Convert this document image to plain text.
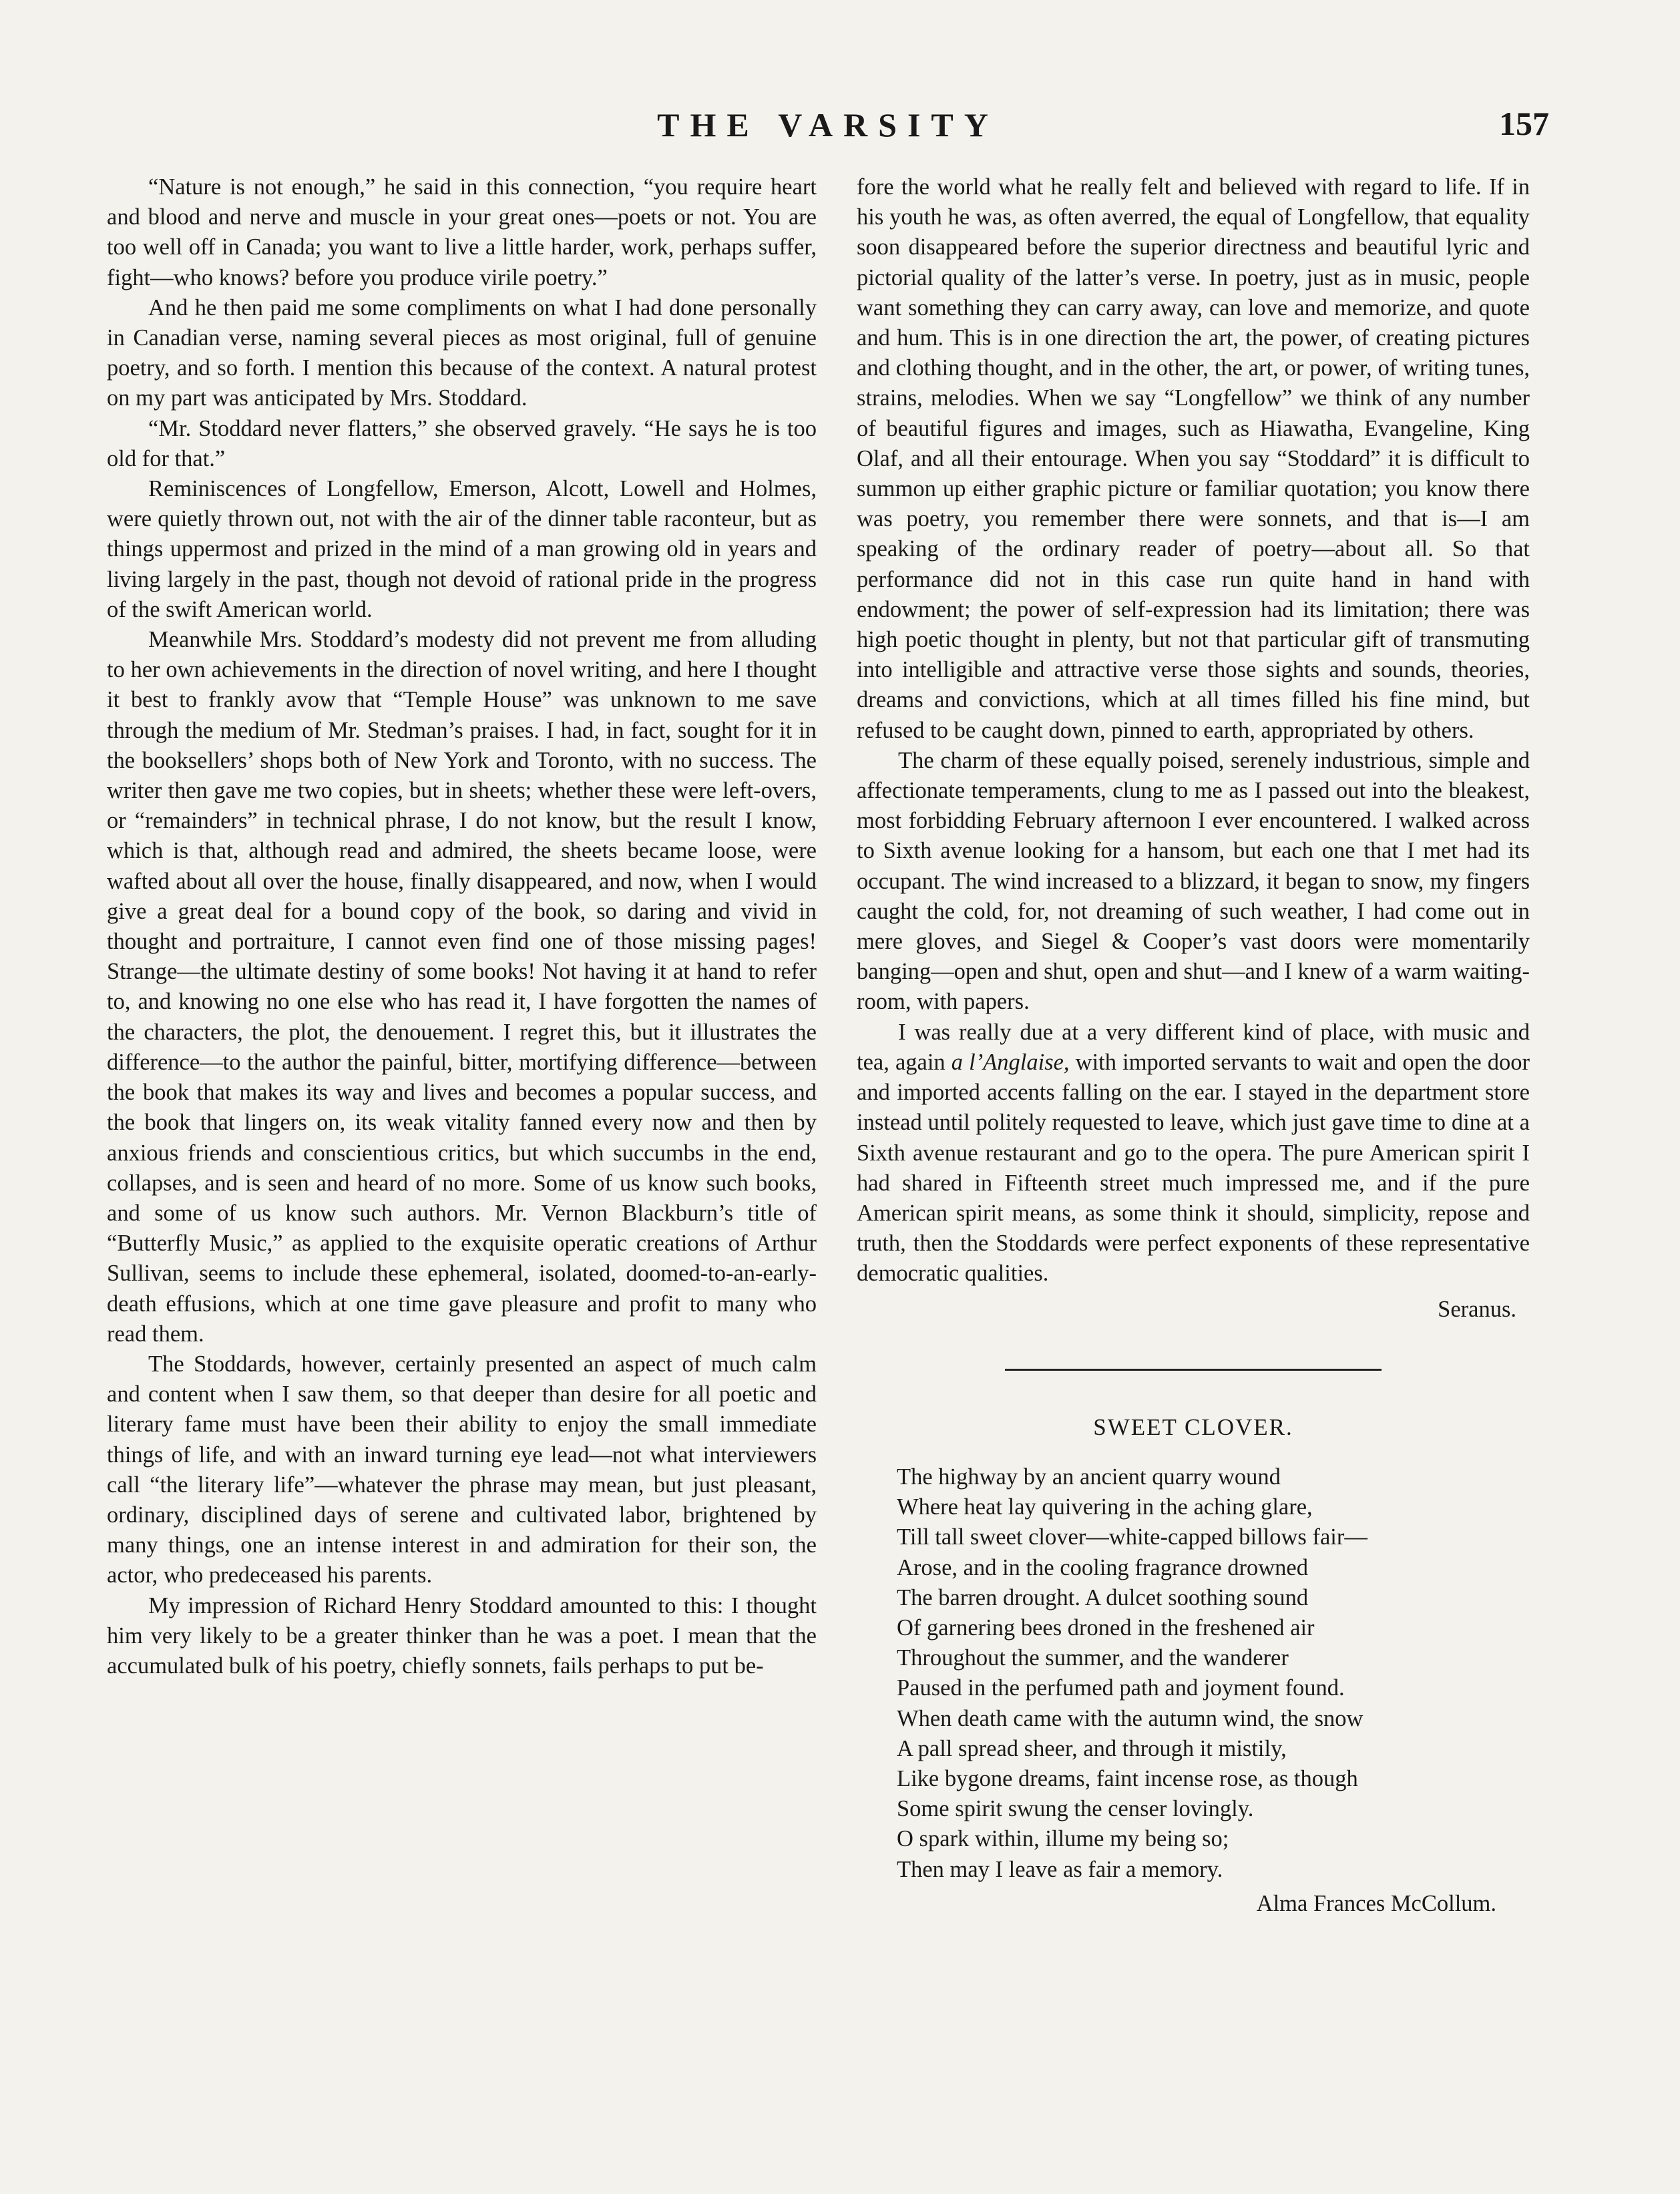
THE VARSITY	157

“Nature is not enough,” he said in this connection, “you require heart and blood and nerve and muscle in your great ones—poets or not. You are too well off in Canada; you want to live a little harder, work, perhaps suffer, fight—who knows? before you produce virile poetry.”

And he then paid me some compliments on what I had done personally in Canadian verse, naming several pieces as most original, full of genuine poetry, and so forth. I mention this because of the context. A natural protest on my part was anticipated by Mrs. Stoddard.

“Mr. Stoddard never flatters,” she observed gravely. “He says he is too old for that.”

Reminiscences of Longfellow, Emerson, Alcott, Lowell and Holmes, were quietly thrown out, not with the air of the dinner table raconteur, but as things uppermost and prized in the mind of a man growing old in years and living largely in the past, though not devoid of rational pride in the progress of the swift American world.

Meanwhile Mrs. Stoddard’s modesty did not prevent me from alluding to her own achievements in the direction of novel writing, and here I thought it best to frankly avow that “Temple House” was unknown to me save through the medium of Mr. Stedman’s praises. I had, in fact, sought for it in the booksellers’ shops both of New York and Toronto, with no success. The writer then gave me two copies, but in sheets; whether these were left-overs, or “remainders” in technical phrase, I do not know, but the result I know, which is that, although read and admired, the sheets became loose, were wafted about all over the house, finally disappeared, and now, when I would give a great deal for a bound copy of the book, so daring and vivid in thought and portraiture, I cannot even find one of those missing pages! Strange—the ultimate destiny of some books! Not having it at hand to refer to, and knowing no one else who has read it, I have forgotten the names of the characters, the plot, the denouement. I regret this, but it illustrates the difference—to the author the painful, bitter, mortifying difference—between the book that makes its way and lives and becomes a popular success, and the book that lingers on, its weak vitality fanned every now and then by anxious friends and conscientious critics, but which succumbs in the end, collapses, and is seen and heard of no more. Some of us know such books, and some of us know such authors. Mr. Vernon Blackburn’s title of “Butterfly Music,” as applied to the exquisite operatic creations of Arthur Sullivan, seems to include these ephemeral, isolated, doomed-to-an-early-death effusions, which at one time gave pleasure and profit to many who read them.

The Stoddards, however, certainly presented an aspect of much calm and content when I saw them, so that deeper than desire for all poetic and literary fame must have been their ability to enjoy the small immediate things of life, and with an inward turning eye lead—not what interviewers call “the literary life”—whatever the phrase may mean, but just pleasant, ordinary, disciplined days of serene and cultivated labor, brightened by many things, one an intense interest in and admiration for their son, the actor, who predeceased his parents.

My impression of Richard Henry Stoddard amounted to this: I thought him very likely to be a greater thinker than he was a poet. I mean that the accumulated bulk of his poetry, chiefly sonnets, fails perhaps to put be-

fore the world what he really felt and believed with regard to life. If in his youth he was, as often averred, the equal of Longfellow, that equality soon disappeared before the superior directness and beautiful lyric and pictorial quality of the latter’s verse. In poetry, just as in music, people want something they can carry away, can love and memorize, and quote and hum. This is in one direction the art, the power, of creating pictures and clothing thought, and in the other, the art, or power, of writing tunes, strains, melodies. When we say “Longfellow” we think of any number of beautiful figures and images, such as Hiawatha, Evangeline, King Olaf, and all their entourage. When you say “Stoddard” it is difficult to summon up either graphic picture or familiar quotation; you know there was poetry, you remember there were sonnets, and that is—I am speaking of the ordinary reader of poetry—about all. So that performance did not in this case run quite hand in hand with endowment; the power of self-expression had its limitation; there was high poetic thought in plenty, but not that particular gift of transmuting into intelligible and attractive verse those sights and sounds, theories, dreams and convictions, which at all times filled his fine mind, but refused to be caught down, pinned to earth, appropriated by others.

The charm of these equally poised, serenely industrious, simple and affectionate temperaments, clung to me as I passed out into the bleakest, most forbidding February afternoon I ever encountered. I walked across to Sixth avenue looking for a hansom, but each one that I met had its occupant. The wind increased to a blizzard, it began to snow, my fingers caught the cold, for, not dreaming of such weather, I had come out in mere gloves, and Siegel & Cooper’s vast doors were momentarily banging—open and shut, open and shut—and I knew of a warm waiting-room, with papers.

I was really due at a very different kind of place, with music and tea, again a l’Anglaise, with imported servants to wait and open the door and imported accents falling on the ear. I stayed in the department store instead until politely requested to leave, which just gave time to dine at a Sixth avenue restaurant and go to the opera. The pure American spirit I had shared in Fifteenth street much impressed me, and if the pure American spirit means, as some think it should, simplicity, repose and truth, then the Stoddards were perfect exponents of these representative democratic qualities.

Seranus.
SWEET CLOVER.
The highway by an ancient quarry wound
Where heat lay quivering in the aching glare,
Till tall sweet clover—white-capped billows fair—
Arose, and in the cooling fragrance drowned
The barren drought. A dulcet soothing sound
Of garnering bees droned in the freshened air
Throughout the summer, and the wanderer
Paused in the perfumed path and joyment found.
When death came with the autumn wind, the snow
A pall spread sheer, and through it mistily,
Like bygone dreams, faint incense rose, as though
Some spirit swung the censer lovingly.
O spark within, illume my being so;
Then may I leave as fair a memory.
Alma Frances McCollum.
